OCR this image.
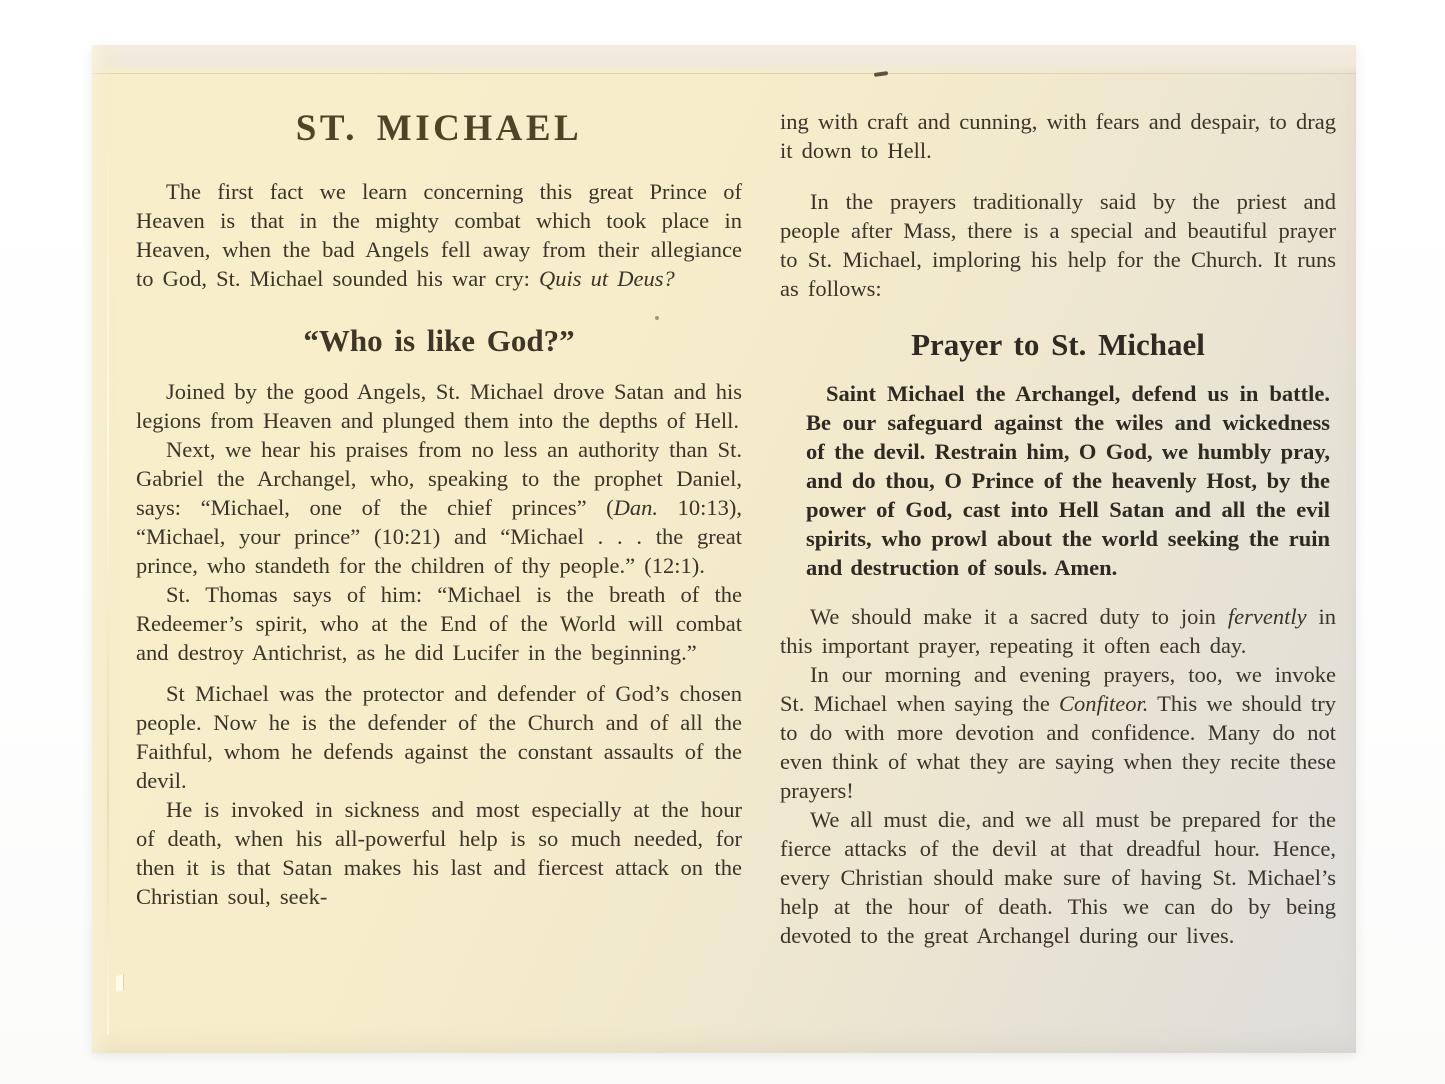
ST. MICHAEL

The first fact we learn concerning this great Prince of Heaven is that in the mighty combat which took place in Heaven, when the bad Angels fell away from their allegiance to God, St. Michael sounded his war cry: Quis ut Deus?

“Who is like God?”

Joined by the good Angels, St. Michael drove Satan and his legions from Heaven and plunged them into the depths of Hell.

Next, we hear his praises from no less an authority than St. Gabriel the Archangel, who, speaking to the prophet Daniel, says: “Michael, one of the chief princes” (Dan. 10:13), “Michael, your prince” (10:21) and “Michael . . . the great prince, who standeth for the children of thy people.” (12:1).

St. Thomas says of him: “Michael is the breath of the Redeemer’s spirit, who at the End of the World will combat and destroy Antichrist, as he did Lucifer in the beginning.”

St Michael was the protector and defender of God’s chosen people. Now he is the defender of the Church and of all the Faithful, whom he defends against the constant assaults of the devil.

He is invoked in sickness and most especially at the hour of death, when his all-powerful help is so much needed, for then it is that Satan makes his last and fiercest attack on the Christian soul, seek-

ing with craft and cunning, with fears and despair, to drag it down to Hell.

In the prayers traditionally said by the priest and people after Mass, there is a special and beautiful prayer to St. Michael, imploring his help for the Church. It runs as follows:

Prayer to St. Michael

Saint Michael the Archangel, defend us in battle. Be our safeguard against the wiles and wickedness of the devil. Restrain him, O God, we humbly pray, and do thou, O Prince of the heavenly Host, by the power of God, cast into Hell Satan and all the evil spirits, who prowl about the world seeking the ruin and destruction of souls. Amen.

We should make it a sacred duty to join fervently in this important prayer, repeating it often each day.

In our morning and evening prayers, too, we invoke St. Michael when saying the Confiteor. This we should try to do with more devotion and confidence. Many do not even think of what they are saying when they recite these prayers!

We all must die, and we all must be prepared for the fierce attacks of the devil at that dreadful hour. Hence, every Christian should make sure of having St. Michael’s help at the hour of death. This we can do by being devoted to the great Archangel during our lives.
